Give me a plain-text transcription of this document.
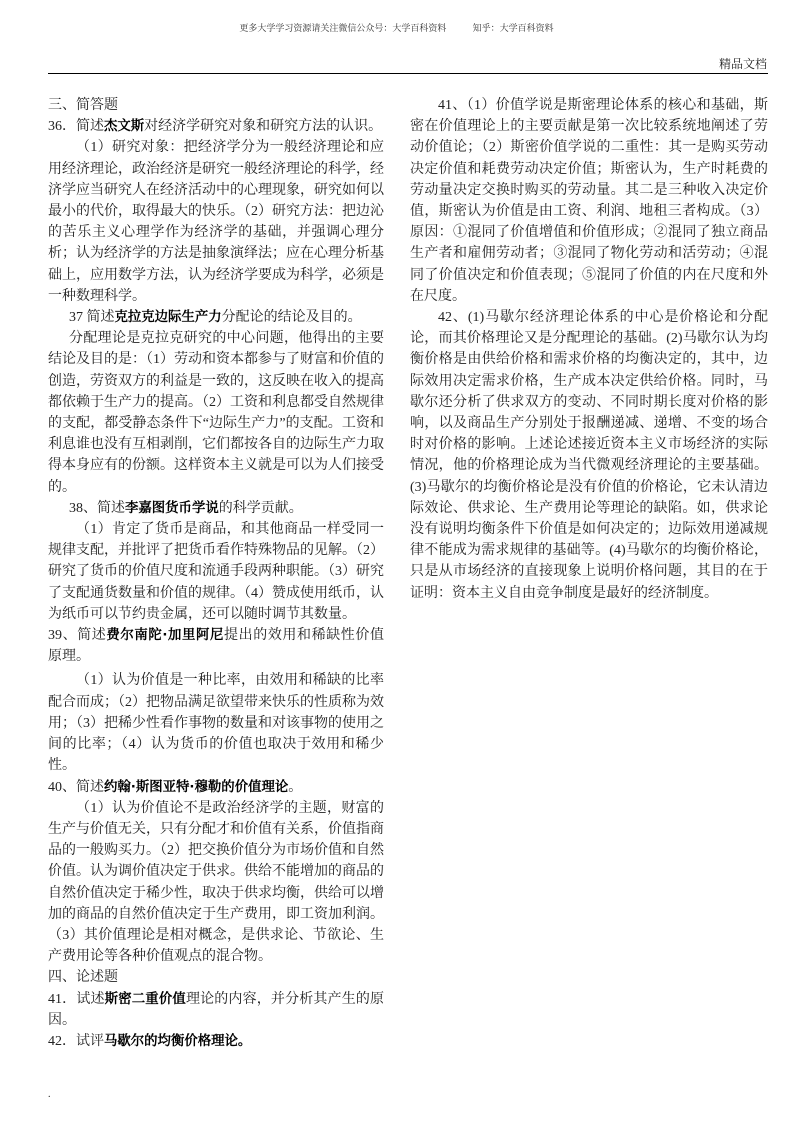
更多大学学习资源请关注微信公众号：大学百科资料	知乎：大学百科资料
精品文档

三、简答题

36．简述杰文斯对经济学研究对象和研究方法的认识。

（1）研究对象：把经济学分为一般经济理论和应用经济理论，政治经济是研究一般经济理论的科学，经济学应当研究人在经济活动中的心理现象，研究如何以最小的代价，取得最大的快乐。（2）研究方法：把边沁的苦乐主义心理学作为经济学的基础，并强调心理分析；认为经济学的方法是抽象演绎法；应在心理分析基础上，应用数学方法，认为经济学要成为科学，必须是一种数理科学。

37 简述克拉克边际生产力分配论的结论及目的。

分配理论是克拉克研究的中心问题，他得出的主要结论及目的是：（1）劳动和资本都参与了财富和价值的创造，劳资双方的利益是一致的，这反映在收入的提高都依赖于生产力的提高。（2）工资和利息都受自然规律的支配，都受静态条件下“边际生产力”的支配。工资和利息谁也没有互相剥削，它们都按各自的边际生产力取得本身应有的份额。这样资本主义就是可以为人们接受的。

38、简述李嘉图货币学说的科学贡献。

（1）肯定了货币是商品，和其他商品一样受同一规律支配，并批评了把货币看作特殊物品的见解。（2）研究了货币的价值尺度和流通手段两种职能。（3）研究了支配通货数量和价值的规律。（4）赞成使用纸币，认为纸币可以节约贵金属，还可以随时调节其数量。

39、简述费尔南陀·加里阿尼提出的效用和稀缺性价值原理。

（1）认为价值是一种比率，由效用和稀缺的比率配合而成；（2）把物品满足欲望带来快乐的性质称为效用；（3）把稀少性看作事物的数量和对该事物的使用之间的比率；（4）认为货币的价值也取决于效用和稀少性。

40、简述约翰·斯图亚特·穆勒的价值理论。

（1）认为价值论不是政治经济学的主题，财富的生产与价值无关，只有分配才和价值有关系，价值指商品的一般购买力。（2）把交换价值分为市场价值和自然价值。认为调价值决定于供求。供给不能增加的商品的自然价值决定于稀少性，取决于供求均衡，供给可以增加的商品的自然价值决定于生产费用，即工资加利润。（3）其价值理论是相对概念，是供求论、节欲论、生产费用论等各种价值观点的混合物。

四、论述题

41．试述斯密二重价值理论的内容，并分析其产生的原因。

42．试评马歇尔的均衡价格理论。

.

41、（1）价值学说是斯密理论体系的核心和基础，斯密在价值理论上的主要贡献是第一次比较系统地阐述了劳动价值论；（2）斯密价值学说的二重性：其一是购买劳动决定价值和耗费劳动决定价值；斯密认为，生产时耗费的劳动量决定交换时购买的劳动量。其二是三种收入决定价值，斯密认为价值是由工资、利润、地租三者构成。（3）原因：①混同了价值增值和价值形成；②混同了独立商品生产者和雇佣劳动者；③混同了物化劳动和活劳动；④混同了价值决定和价值表现；⑤混同了价值的内在尺度和外在尺度。

42、(1)马歇尔经济理论体系的中心是价格论和分配论，而其价格理论又是分配理论的基础。(2)马歇尔认为均衡价格是由供给价格和需求价格的均衡决定的，其中，边际效用决定需求价格，生产成本决定供给价格。同时，马歇尔还分析了供求双方的变动、不同时期长度对价格的影响，以及商品生产分别处于报酬递减、递增、不变的场合时对价格的影响。上述论述接近资本主义市场经济的实际情况，他的价格理论成为当代微观经济理论的主要基础。(3)马歇尔的均衡价格论是没有价值的价格论，它未认清边际效论、供求论、生产费用论等理论的缺陷。如，供求论没有说明均衡条件下价值是如何决定的；边际效用递减规律不能成为需求规律的基础等。(4)马歇尔的均衡价格论，只是从市场经济的直接现象上说明价格问题，其目的在于证明：资本主义自由竞争制度是最好的经济制度。
